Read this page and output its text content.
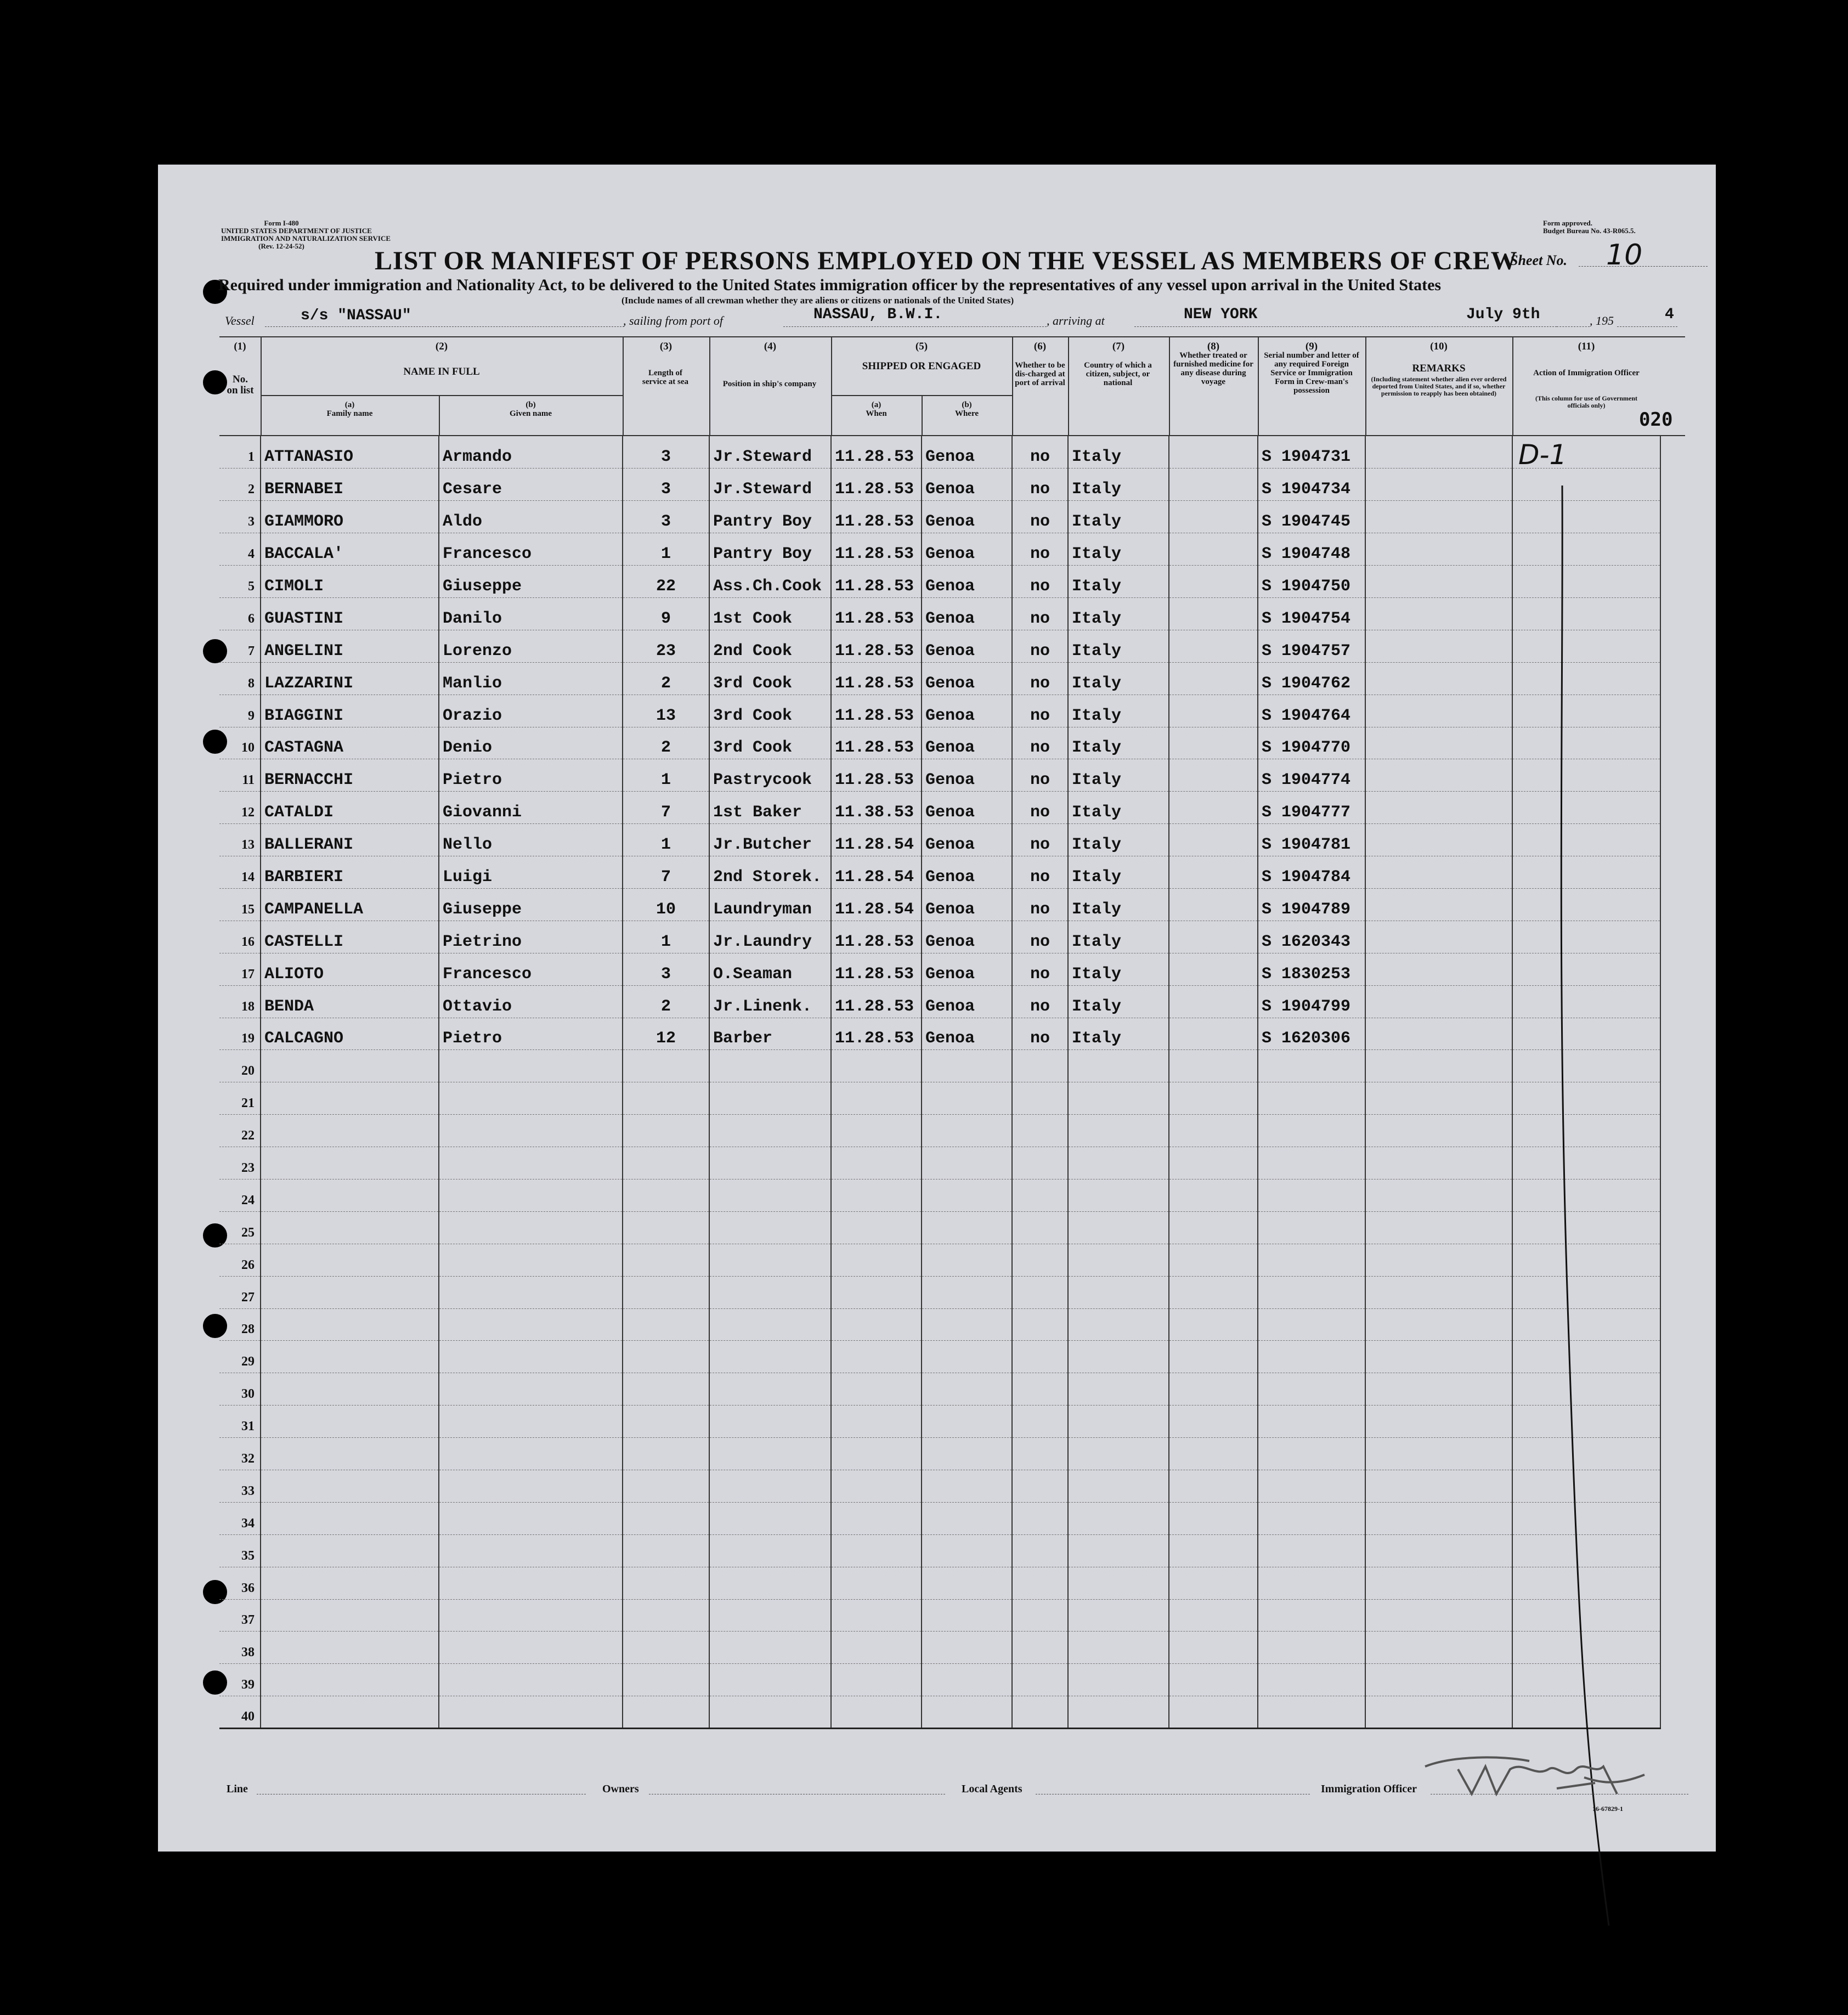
Form I-480
UNITED STATES DEPARTMENT OF JUSTICE
IMMIGRATION AND NATURALIZATION SERVICE
(Rev. 12-24-52)
Form approved.
Budget Bureau No. 43-R065.5.
LIST OR MANIFEST OF PERSONS EMPLOYED ON THE VESSEL AS MEMBERS OF CREW
Sheet No. 10
Required under immigration and Nationality Act, to be delivered to the United States immigration officer by the representatives of any vessel upon arrival in the United States
(Include names of all crewman whether they are aliens or citizens or nationals of the United States)
Vessel	s/s "NASSAU"	, sailing from port of	NASSAU, B.W.I.	, arriving at	NEW YORK	July 9th	, 195	4
(1)
No. on list
(2)
NAME IN FULL
(a)
Family name
(b)
Given name
(3)
Length of service at sea
(4)
Position in ship's company
(5)
SHIPPED OR ENGAGED
(a)
When
(b)
Where
(6)
Whether to be dis-charged at port of arrival
(7)
Country of which a citizen, subject, or national
(8)
Whether treated or furnished medicine for any disease during voyage
(9)
Serial number and letter of any required Foreign Service or Immigration Form in Crew-man's possession
(10)
REMARKS
(Including statement whether alien ever ordered deported from United States, and if so, whether permission to reapply has been obtained)
(11)
Action of Immigration Officer
(This column for use of Government officials only)
020
1	ATTANASIO	Armando	3	Jr.Steward	11.28.53	Genoa	no	Italy		S 1904731		
2	BERNABEI	Cesare	3	Jr.Steward	11.28.53	Genoa	no	Italy		S 1904734		
3	GIAMMORO	Aldo	3	Pantry Boy	11.28.53	Genoa	no	Italy		S 1904745		
4	BACCALA'	Francesco	1	Pantry Boy	11.28.53	Genoa	no	Italy		S 1904748		
5	CIMOLI	Giuseppe	22	Ass.Ch.Cook	11.28.53	Genoa	no	Italy		S 1904750		
6	GUASTINI	Danilo	9	1st Cook	11.28.53	Genoa	no	Italy		S 1904754		
7	ANGELINI	Lorenzo	23	2nd Cook	11.28.53	Genoa	no	Italy		S 1904757		
8	LAZZARINI	Manlio	2	3rd Cook	11.28.53	Genoa	no	Italy		S 1904762		
9	BIAGGINI	Orazio	13	3rd Cook	11.28.53	Genoa	no	Italy		S 1904764		
10	CASTAGNA	Denio	2	3rd Cook	11.28.53	Genoa	no	Italy		S 1904770		
11	BERNACCHI	Pietro	1	Pastrycook	11.28.53	Genoa	no	Italy		S 1904774		
12	CATALDI	Giovanni	7	1st Baker	11.38.53	Genoa	no	Italy		S 1904777		
13	BALLERANI	Nello	1	Jr.Butcher	11.28.54	Genoa	no	Italy		S 1904781		
14	BARBIERI	Luigi	7	2nd Storek.	11.28.54	Genoa	no	Italy		S 1904784		
15	CAMPANELLA	Giuseppe	10	Laundryman	11.28.54	Genoa	no	Italy		S 1904789		
16	CASTELLI	Pietrino	1	Jr.Laundry	11.28.53	Genoa	no	Italy		S 1620343		
17	ALIOTO	Francesco	3	O.Seaman	11.28.53	Genoa	no	Italy		S 1830253		
18	BENDA	Ottavio	2	Jr.Linenk.	11.28.53	Genoa	no	Italy		S 1904799		
19	CALCAGNO	Pietro	12	Barber	11.28.53	Genoa	no	Italy		S 1620306		
20												
21												
22												
23												
24												
25												
26												
27												
28												
29												
30												
31												
32												
33												
34												
35												
36												
37												
38												
39												
40												
D-1
Line	Owners	Local Agents	Immigration Officer
16-67829-1
